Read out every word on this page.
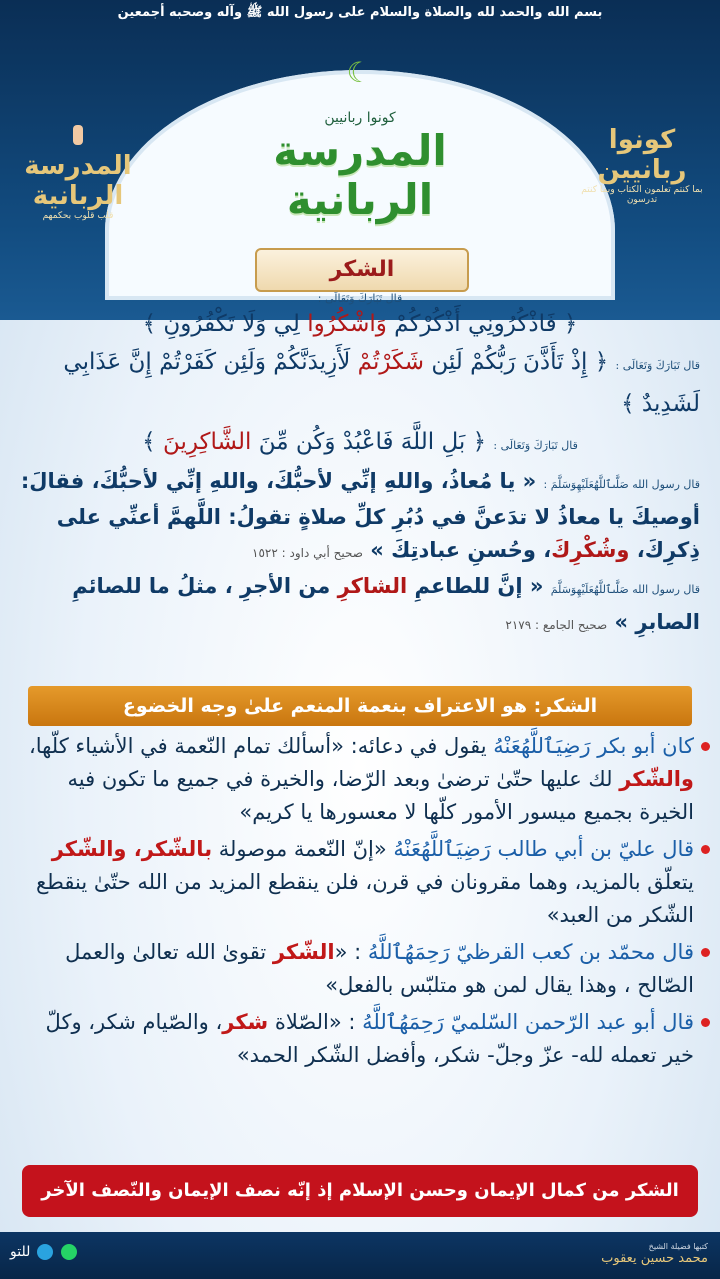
بسم الله والحمد لله والصلاة والسلام على رسول الله ﷺ وآله وصحبه أجمعين
☾
كونوا ربانيين
المدرسة الربانية
المدرسة الربانية
قلب قلوب بحكمهم
كونوا ربانيين
بما كنتم تعلمون الكتاب وبما كنتم تدرسون
الشكر
قال تَبَارَكَ وَتَعَالَى :

﴿ فَاذْكُرُونِي أَذْكُرْكُمْ وَاشْكُرُوا لِي وَلَا تَكْفُرُونِ ﴾

قال تَبَارَكَ وَتَعَالَى : ﴿ إِذْ تَأَذَّنَ رَبُّكُمْ لَئِن شَكَرْتُمْ لَأَزِيدَنَّكُمْ وَلَئِن كَفَرْتُمْ إِنَّ عَذَابِي لَشَدِيدٌ ﴾

قال تَبَارَكَ وَتَعَالَى : ﴿ بَلِ اللَّهَ فَاعْبُدْ وَكُن مِّنَ الشَّاكِرِينَ ﴾

قال رسول الله صَلَّىٱللَّهُعَلَيْهِوَسَلَّمَ : « يا مُعاذُ، واللهِ إنِّي لأحبُّكَ، واللهِ إنِّي لأحبُّكَ، فقالَ: أوصيكَ يا معاذُ لا تدَعنَّ في دُبُرِ كلِّ صلاةٍ تقولُ: اللَّهمَّ أعنِّي على ذِكرِكَ، وشُكْرِكَ، وحُسنِ عبادتِكَ » صحيح أبي داود : ١٥٢٢

قال رسول الله صَلَّىٱللَّهُعَلَيْهِوَسَلَّمَ « إنَّ للطاعمِ الشاكرِ من الأجرِ ، مثلُ ما للصائمِ الصابرِ » صحيح الجامع : ٢١٧٩

الشكر: هو الاعتراف بنعمة المنعم علىٰ وجه الخضوع
كان أبو بكر رَضِيَٱللَّهُعَنْهُ يقول في دعائه: «أسألك تمام النّعمة في الأشياء كلّها، والشّكر لك عليها حتّىٰ ترضىٰ وبعد الرّضا، والخيرة في جميع ما تكون فيه الخيرة بجميع ميسور الأمور كلّها لا معسورها يا كريم»
قال عليّ بن أبي طالب رَضِيَٱللَّهُعَنْهُ «إنّ النّعمة موصولة بالشّكر، والشّكر يتعلّق بالمزيد، وهما مقرونان في قرن، فلن ينقطع المزيد من الله حتّىٰ ينقطع الشّكر من العبد»
قال محمّد بن كعب القرظيّ رَحِمَهُٱللَّهُ : «الشّكر تقوىٰ الله تعالىٰ والعمل الصّالح ، وهذا يقال لمن هو متلبّس بالفعل»
قال أبو عبد الرّحمن السّلميّ رَحِمَهُٱللَّهُ : «الصّلاة شكر، والصّيام شكر، وكلّ خير تعمله لله- عزّ وجلّ- شكر، وأفضل الشّكر الحمد»
الشكر من كمال الإيمان وحسن الإسلام إذ إنّه نصف الإيمان والنّصف الآخر
للتو	كتبها فضيلة الشيخ
محمد حسين يعقوب
